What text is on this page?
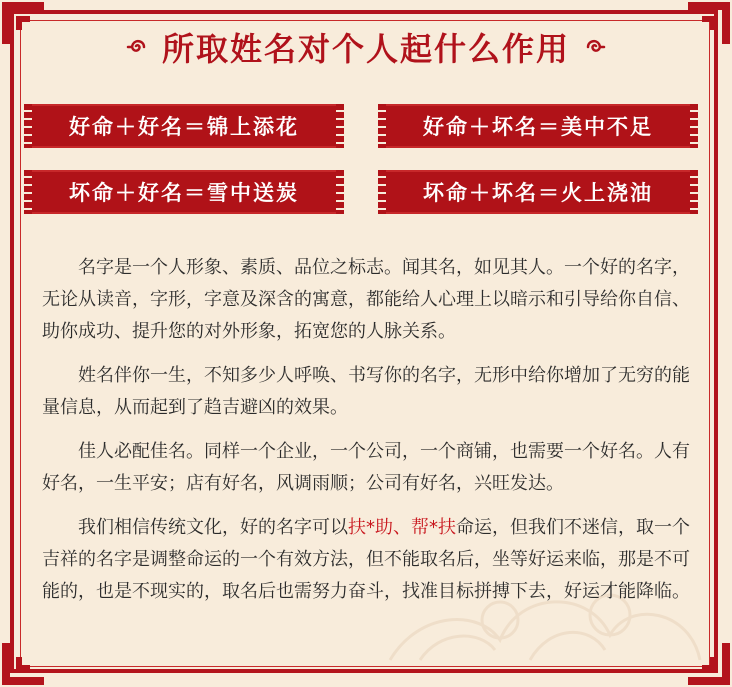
所取姓名对个人起什么作用
好命＋好名＝锦上添花	好命＋坏名＝美中不足
坏命＋好名＝雪中送炭	坏命＋坏名＝火上浇油

名字是一个人形象、素质、品位之标志。闻其名，如见其人。一个好的名字，无论从读音，字形，字意及深含的寓意，都能给人心理上以暗示和引导给你自信、助你成功、提升您的对外形象，拓宽您的人脉关系。

姓名伴你一生，不知多少人呼唤、书写你的名字，无形中给你增加了无穷的能量信息，从而起到了趋吉避凶的效果。

佳人必配佳名。同样一个企业，一个公司，一个商铺，也需要一个好名。人有好名，一生平安；店有好名，风调雨顺；公司有好名，兴旺发达。

我们相信传统文化，好的名字可以扶*助、帮*扶命运，但我们不迷信，取一个吉祥的名字是调整命运的一个有效方法，但不能取名后，坐等好运来临，那是不可能的，也是不现实的，取名后也需努力奋斗，找准目标拼搏下去，好运才能降临。
